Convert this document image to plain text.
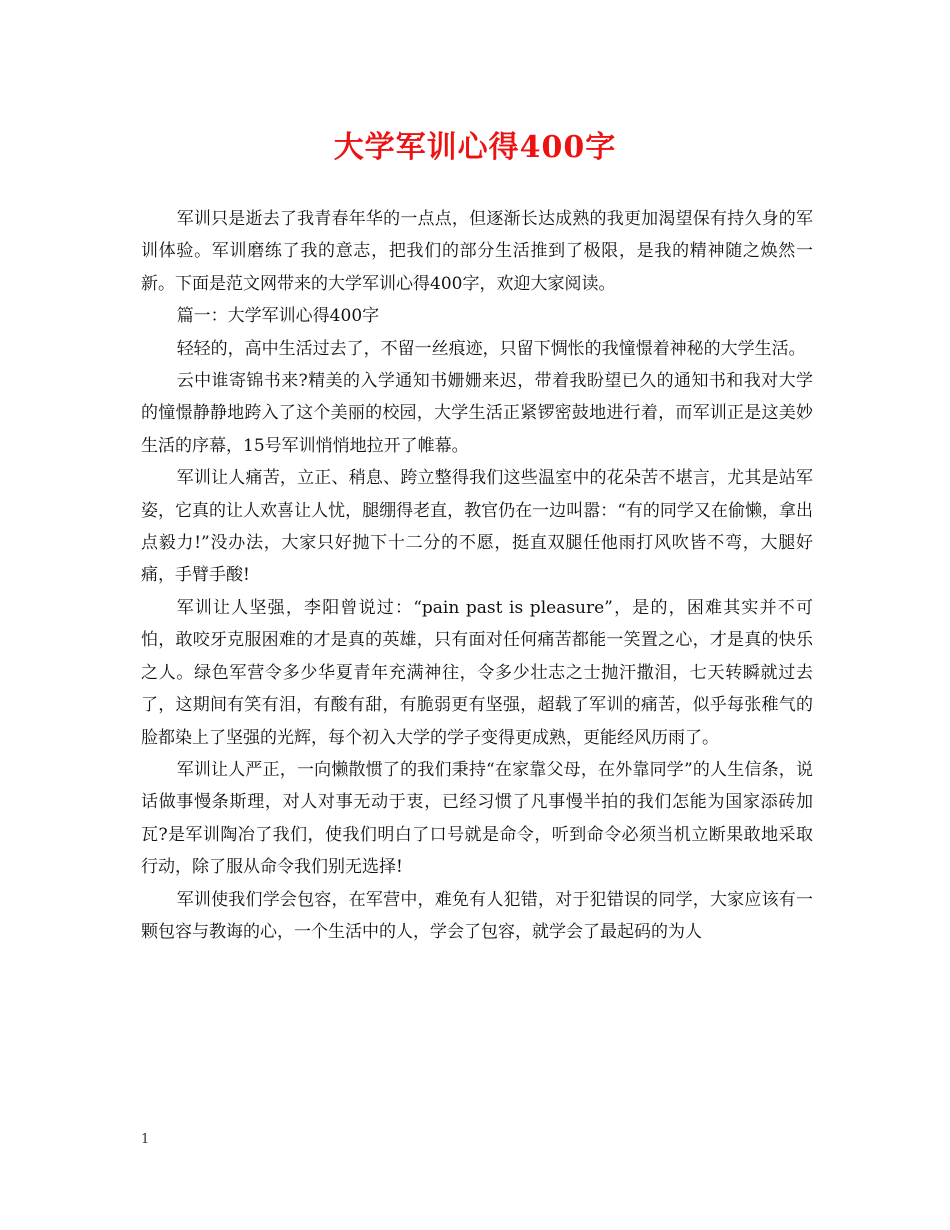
大学军训心得400字

军训只是逝去了我青春年华的一点点，但逐渐长达成熟的我更加渴望保有持久身的军训体验。军训磨练了我的意志，把我们的部分生活推到了极限，是我的精神随之焕然一新。下面是范文网带来的大学军训心得400字，欢迎大家阅读。

篇一：大学军训心得400字

轻轻的，高中生活过去了，不留一丝痕迹，只留下惆怅的我憧憬着神秘的大学生活。

云中谁寄锦书来?精美的入学通知书姗姗来迟，带着我盼望已久的通知书和我对大学的憧憬静静地跨入了这个美丽的校园，大学生活正紧锣密鼓地进行着，而军训正是这美妙生活的序幕，15号军训悄悄地拉开了帷幕。

军训让人痛苦，立正、稍息、跨立整得我们这些温室中的花朵苦不堪言，尤其是站军姿，它真的让人欢喜让人忧，腿绷得老直，教官仍在一边叫嚣：“有的同学又在偷懒，拿出点毅力!”没办法，大家只好抛下十二分的不愿，挺直双腿任他雨打风吹皆不弯，大腿好痛，手臂手酸!

军训让人坚强，李阳曾说过：“pain past is pleasure”，是的，困难其实并不可怕，敢咬牙克服困难的才是真的英雄，只有面对任何痛苦都能一笑置之心，才是真的快乐之人。绿色军营令多少华夏青年充满神往，令多少壮志之士抛汗撒泪，七天转瞬就过去了，这期间有笑有泪，有酸有甜，有脆弱更有坚强，超载了军训的痛苦，似乎每张稚气的脸都染上了坚强的光辉，每个初入大学的学子变得更成熟，更能经风历雨了。

军训让人严正，一向懒散惯了的我们秉持“在家靠父母，在外靠同学”的人生信条，说话做事慢条斯理，对人对事无动于衷，已经习惯了凡事慢半拍的我们怎能为国家添砖加瓦?是军训陶冶了我们，使我们明白了口号就是命令，听到命令必须当机立断果敢地采取行动，除了服从命令我们别无选择!

军训使我们学会包容，在军营中，难免有人犯错，对于犯错误的同学，大家应该有一颗包容与教诲的心，一个生活中的人，学会了包容，就学会了最起码的为人

1
